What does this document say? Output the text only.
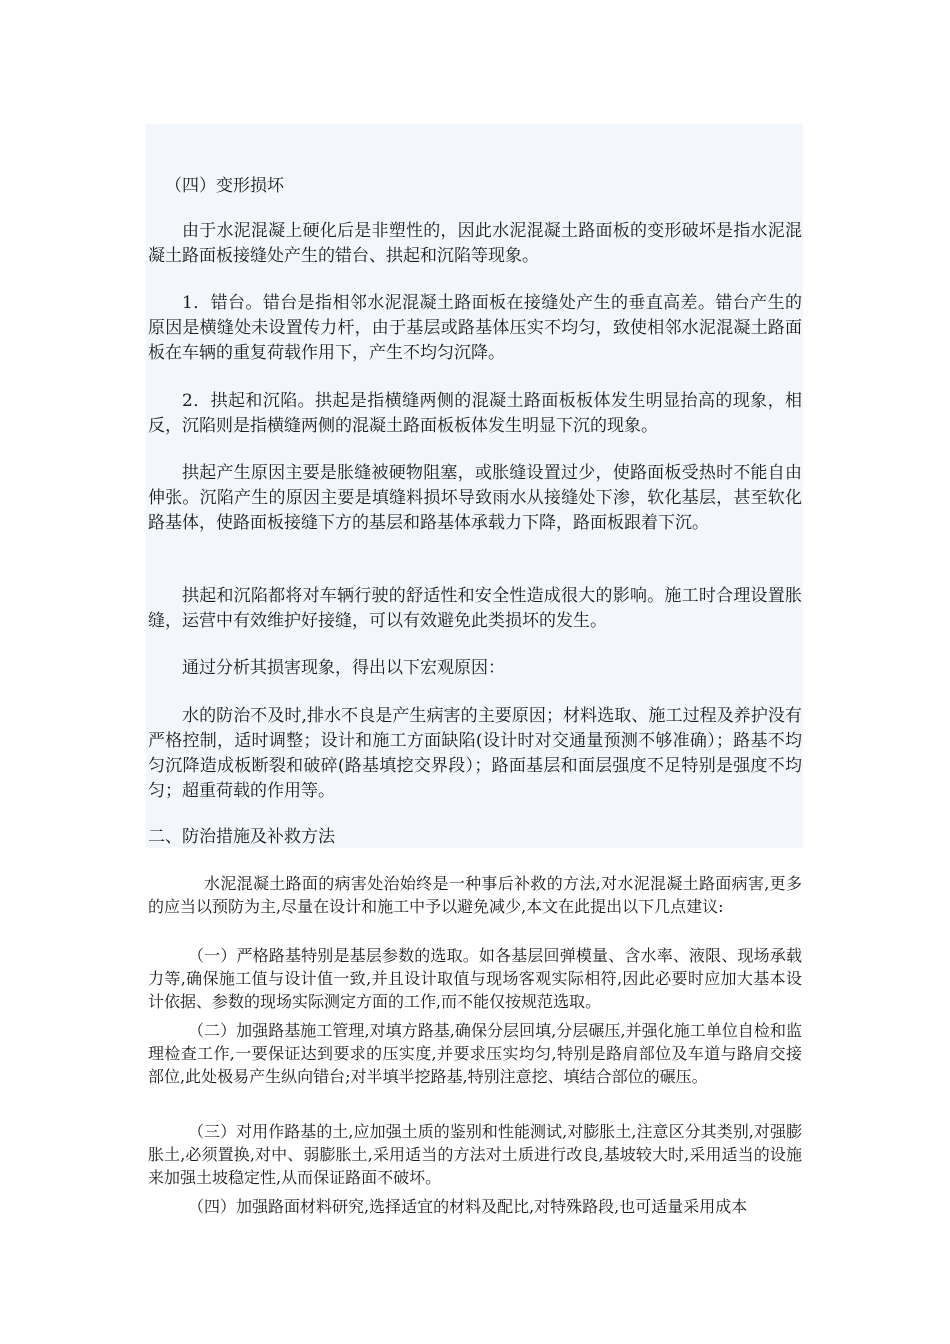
（四）变形损坏

由于水泥混凝上硬化后是非塑性的，因此水泥混凝土路面板的变形破坏是指水泥混凝土路面板接缝处产生的错台、拱起和沉陷等现象。

1．错台。错台是指相邻水泥混凝土路面板在接缝处产生的垂直高差。错台产生的原因是横缝处未设置传力杆，由于基层或路基体压实不均匀，致使相邻水泥混凝土路面板在车辆的重复荷载作用下，产生不均匀沉降。

2．拱起和沉陷。拱起是指横缝两侧的混凝土路面板板体发生明显抬高的现象，相反，沉陷则是指横缝两侧的混凝土路面板板体发生明显下沉的现象。

拱起产生原因主要是胀缝被硬物阻塞，或胀缝设置过少，使路面板受热时不能自由伸张。沉陷产生的原因主要是填缝料损坏导致雨水从接缝处下渗，软化基层，甚至软化路基体，使路面板接缝下方的基层和路基体承载力下降，路面板跟着下沉。

拱起和沉陷都将对车辆行驶的舒适性和安全性造成很大的影响。施工时合理设置胀缝，运营中有效维护好接缝，可以有效避免此类损坏的发生。

通过分析其损害现象，得出以下宏观原因：

水的防治不及时,排水不良是产生病害的主要原因；材料选取、施工过程及养护没有严格控制，适时调整；设计和施工方面缺陷(设计时对交通量预测不够准确）；路基不均匀沉降造成板断裂和破碎(路基填挖交界段）；路面基层和面层强度不足特别是强度不均匀；超重荷载的作用等。

二、防治措施及补救方法

水泥混凝土路面的病害处治始终是一种事后补救的方法,对水泥混凝土路面病害,更多的应当以预防为主,尽量在设计和施工中予以避免减少,本文在此提出以下几点建议:

（一）严格路基特别是基层参数的选取。如各基层回弹模量、含水率、液限、现场承载力等,确保施工值与设计值一致,并且设计取值与现场客观实际相符,因此必要时应加大基本设计依据、参数的现场实际测定方面的工作,而不能仅按规范选取。

（二）加强路基施工管理,对填方路基,确保分层回填,分层碾压,并强化施工单位自检和监理检查工作,一要保证达到要求的压实度,并要求压实均匀,特别是路肩部位及车道与路肩交接部位,此处极易产生纵向错台;对半填半挖路基,特别注意挖、填结合部位的碾压。

（三）对用作路基的土,应加强土质的鉴别和性能测试,对膨胀土,注意区分其类别,对强膨胀土,必须置换,对中、弱膨胀土,采用适当的方法对土质进行改良,基坡较大时,采用适当的设施来加强土坡稳定性,从而保证路面不破坏。

（四）加强路面材料研究,选择适宜的材料及配比,对特殊路段,也可适量采用成本
